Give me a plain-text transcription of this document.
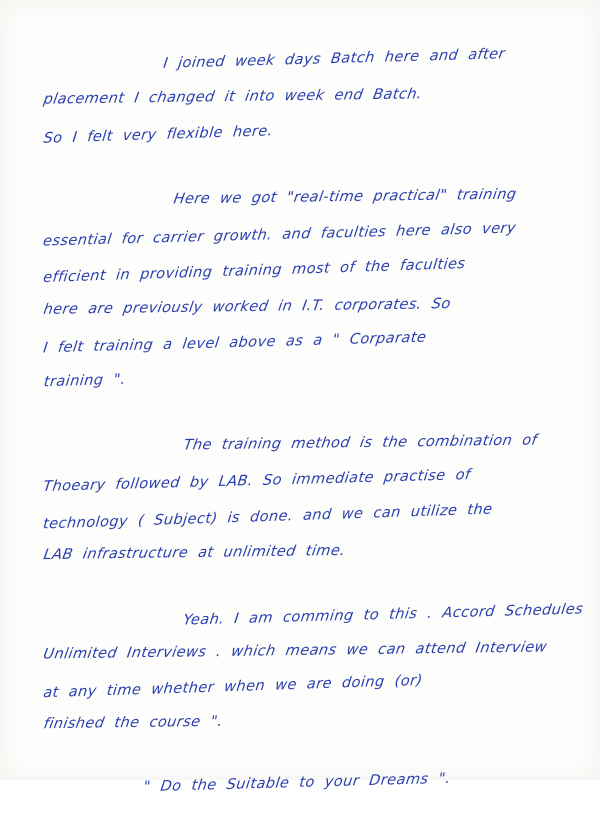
I joined week days Batch here and after
placement I changed it into week end Batch.
So I felt very flexible here.
Here we got "real-time practical" training
essential for carrier growth. and faculties here also very
efficient in providing training most of the faculties
here are previously worked in I.T. corporates. So
I felt training a level above as a " Corparate
training ".
The training method is the combination of
Thoeary followed by LAB. So immediate practise of
technology ( Subject) is done. and we can utilize the
LAB infrastructure at unlimited time.
Yeah. I am comming to this . Accord Schedules
Unlimited Interviews . which means we can attend Interview
at any time whether when we are doing (or)
finished the course ".
" Do the Suitable to your Dreams ".
